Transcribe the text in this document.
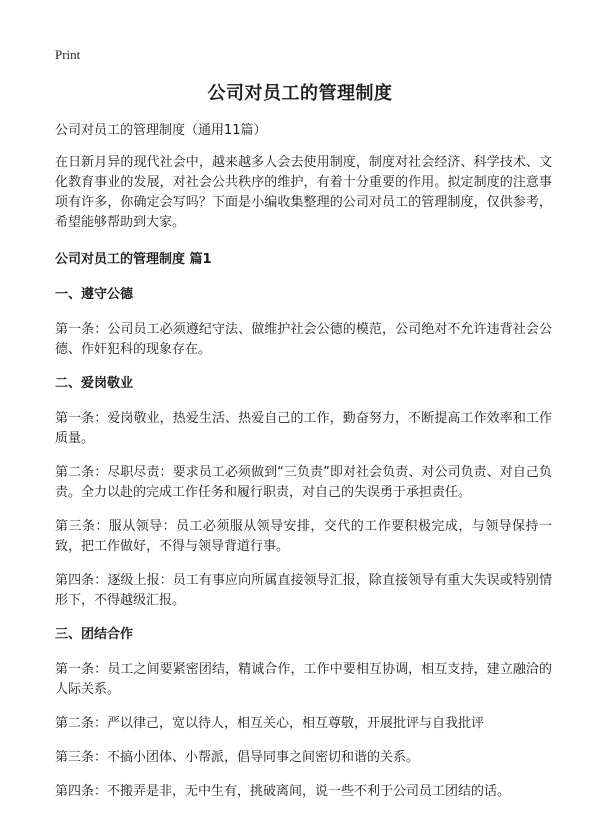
Print
公司对员工的管理制度

公司对员工的管理制度（通用11篇）

在日新月异的现代社会中，越来越多人会去使用制度，制度对社会经济、科学技术、文化教育事业的发展，对社会公共秩序的维护，有着十分重要的作用。拟定制度的注意事项有许多，你确定会写吗？下面是小编收集整理的公司对员工的管理制度，仅供参考，希望能够帮助到大家。

公司对员工的管理制度 篇1

一、遵守公德

第一条：公司员工必须遵纪守法、做维护社会公德的模范，公司绝对不允许违背社会公德、作奸犯科的现象存在。

二、爱岗敬业

第一条：爱岗敬业，热爱生活、热爱自己的工作，勤奋努力，不断提高工作效率和工作质量。

第二条：尽职尽责：要求员工必须做到“三负责”即对社会负责、对公司负责、对自己负责。全力以赴的完成工作任务和履行职责，对自己的失误勇于承担责任。

第三条：服从领导：员工必须服从领导安排，交代的工作要积极完成，与领导保持一致，把工作做好，不得与领导背道行事。

第四条：逐级上报：员工有事应向所属直接领导汇报，除直接领导有重大失误或特别情形下，不得越级汇报。

三、团结合作

第一条：员工之间要紧密团结，精诚合作，工作中要相互协调，相互支持，建立融洽的人际关系。

第二条：严以律己，宽以待人，相互关心，相互尊敬，开展批评与自我批评

第三条：不搞小团体、小帮派，倡导同事之间密切和谐的关系。

第四条：不搬弄是非，无中生有，挑破离间，说一些不利于公司员工团结的话。
